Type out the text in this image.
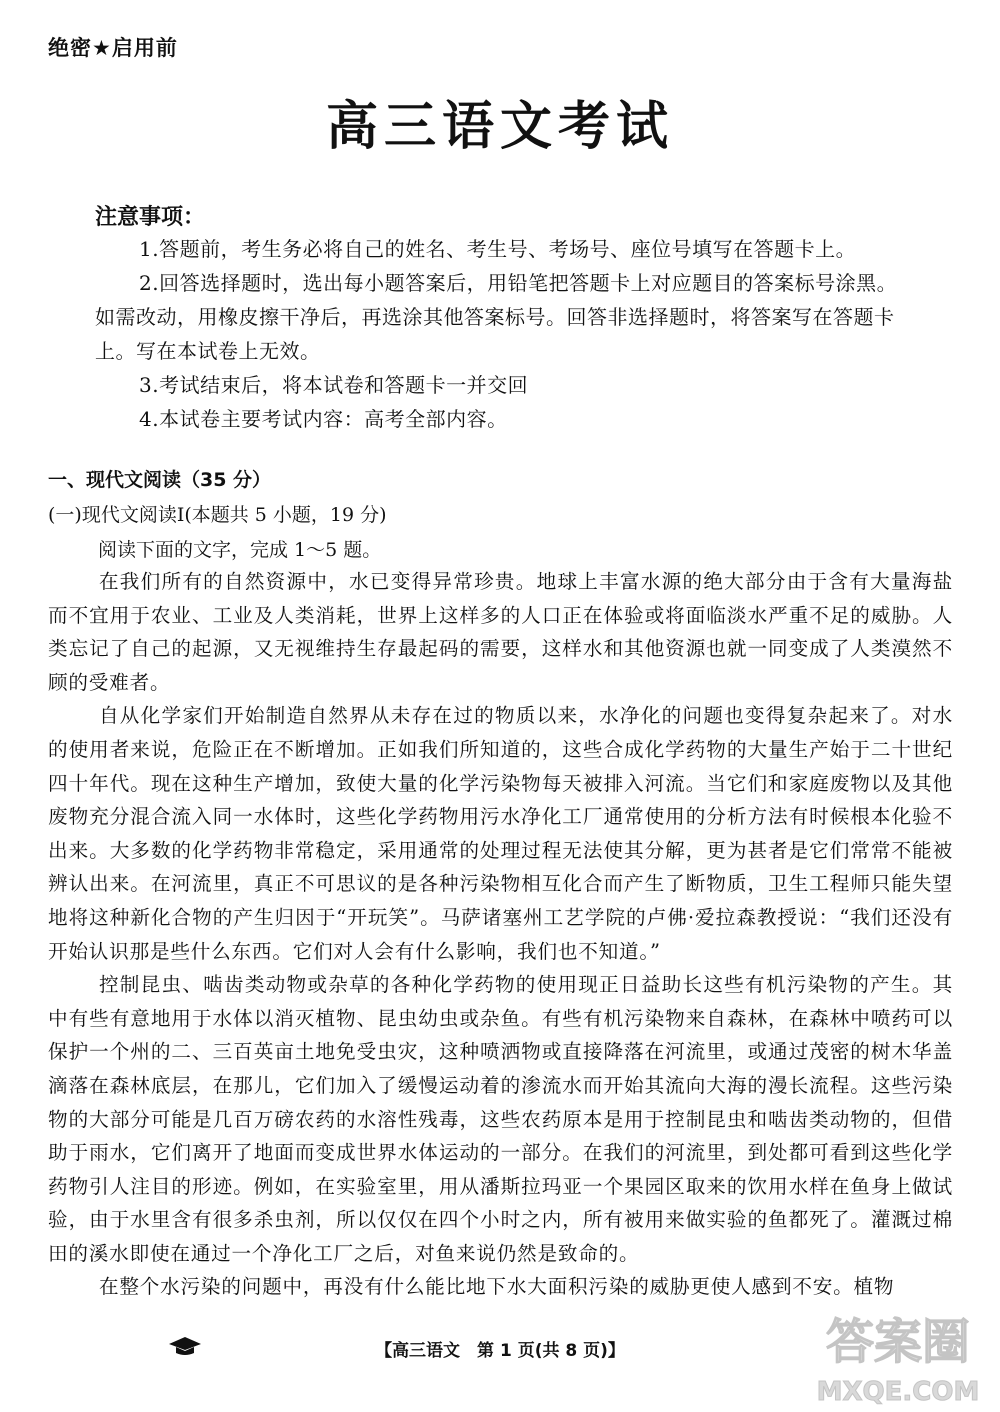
绝密★启用前
高三语文考试
注意事项：

1.答题前，考生务必将自己的姓名、考生号、考场号、座位号填写在答题卡上。

2.回答选择题时，选出每小题答案后，用铅笔把答题卡上对应题目的答案标号涂黑。如需改动，用橡皮擦干净后，再选涂其他答案标号。回答非选择题时，将答案写在答题卡上。写在本试卷上无效。

3.考试结束后，将本试卷和答题卡一并交回

4.本试卷主要考试内容：高考全部内容。

一、现代文阅读（35 分）
(一)现代文阅读Ⅰ(本题共 5 小题，19 分)
阅读下面的文字，完成 1～5 题。

在我们所有的自然资源中，水已变得异常珍贵。地球上丰富水源的绝大部分由于含有大量海盐而不宜用于农业、工业及人类消耗，世界上这样多的人口正在体验或将面临淡水严重不足的威胁。人类忘记了自己的起源，又无视维持生存最起码的需要，这样水和其他资源也就一同变成了人类漠然不顾的受难者。

自从化学家们开始制造自然界从未存在过的物质以来，水净化的问题也变得复杂起来了。对水的使用者来说，危险正在不断增加。正如我们所知道的，这些合成化学药物的大量生产始于二十世纪四十年代。现在这种生产增加，致使大量的化学污染物每天被排入河流。当它们和家庭废物以及其他废物充分混合流入同一水体时，这些化学药物用污水净化工厂通常使用的分析方法有时候根本化验不出来。大多数的化学药物非常稳定，采用通常的处理过程无法使其分解，更为甚者是它们常常不能被辨认出来。在河流里，真正不可思议的是各种污染物相互化合而产生了断物质，卫生工程师只能失望地将这种新化合物的产生归因于“开玩笑”。马萨诸塞州工艺学院的卢佛·爱拉森教授说：“我们还没有开始认识那是些什么东西。它们对人会有什么影响，我们也不知道。”

控制昆虫、啮齿类动物或杂草的各种化学药物的使用现正日益助长这些有机污染物的产生。其中有些有意地用于水体以消灭植物、昆虫幼虫或杂鱼。有些有机污染物来自森林，在森林中喷药可以保护一个州的二、三百英亩土地免受虫灾，这种喷洒物或直接降落在河流里，或通过茂密的树木华盖滴落在森林底层，在那儿，它们加入了缓慢运动着的渗流水而开始其流向大海的漫长流程。这些污染物的大部分可能是几百万磅农药的水溶性残毒，这些农药原本是用于控制昆虫和啮齿类动物的，但借助于雨水，它们离开了地面而变成世界水体运动的一部分。在我们的河流里，到处都可看到这些化学药物引人注目的形迹。例如，在实验室里，用从潘斯拉玛亚一个果园区取来的饮用水样在鱼身上做试验，由于水里含有很多杀虫剂，所以仅仅在四个小时之内，所有被用来做实验的鱼都死了。灌溉过棉田的溪水即使在通过一个净化工厂之后，对鱼来说仍然是致命的。

在整个水污染的问题中，再没有什么能比地下水大面积污染的威胁更使人感到不安。植物

【高三语文　第 1 页(共 8 页)】	答案圈
MXQE.COM
